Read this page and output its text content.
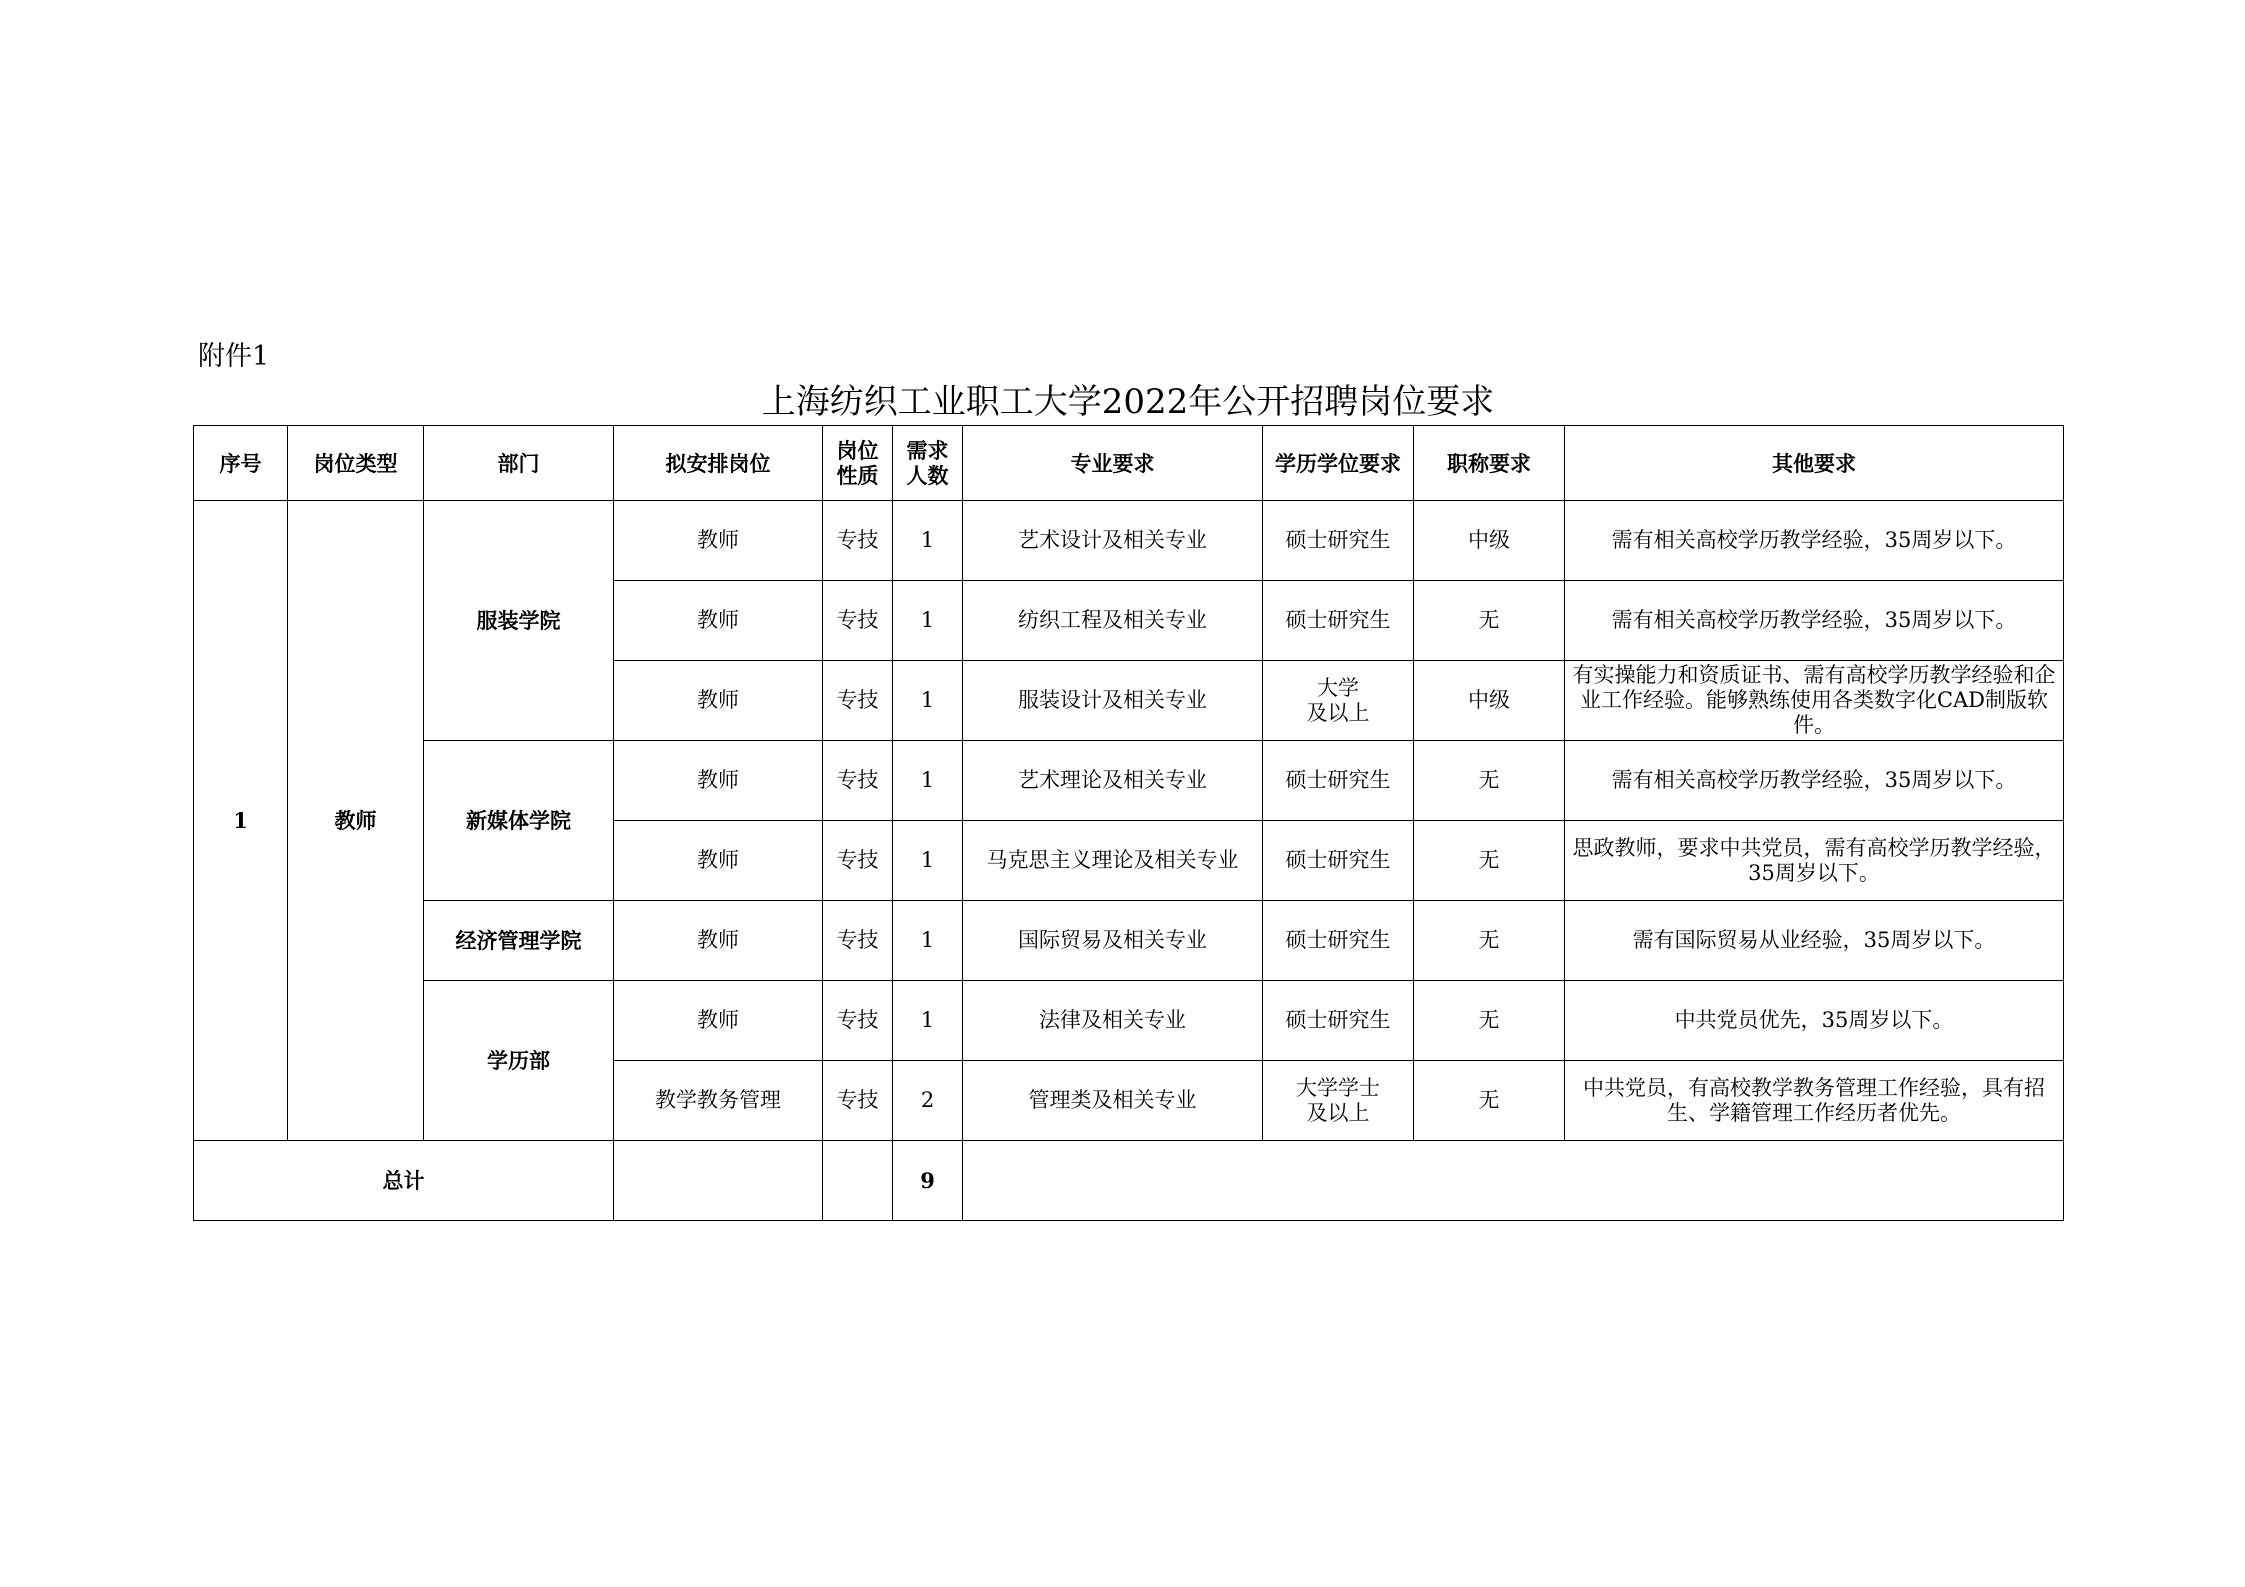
附件1
上海纺织工业职工大学2022年公开招聘岗位要求
序号	岗位类型	部门	拟安排岗位	岗位 性质	需求 人数	专业要求	学历学位要求	职称要求	其他要求
1	教师	服装学院	教师	专技	1	艺术设计及相关专业	硕士研究生	中级	需有相关高校学历教学经验，35周岁以下。
			教师	专技	1	纺织工程及相关专业	硕士研究生	无	需有相关高校学历教学经验，35周岁以下。
			教师	专技	1	服装设计及相关专业	大学
及以上	中级	有实操能力和资质证书、需有高校学历教学经验和企业工作经验。能够熟练使用各类数字化CAD制版软件。
		新媒体学院	教师	专技	1	艺术理论及相关专业	硕士研究生	无	需有相关高校学历教学经验，35周岁以下。
			教师	专技	1	马克思主义理论及相关专业	硕士研究生	无	思政教师，要求中共党员，需有高校学历教学经验，35周岁以下。
		经济管理学院	教师	专技	1	国际贸易及相关专业	硕士研究生	无	需有国际贸易从业经验，35周岁以下。
		学历部	教师	专技	1	法律及相关专业	硕士研究生	无	中共党员优先，35周岁以下。
			教学教务管理	专技	2	管理类及相关专业	大学学士
及以上	无	中共党员，有高校教学教务管理工作经验，具有招生、学籍管理工作经历者优先。
总计					9				
